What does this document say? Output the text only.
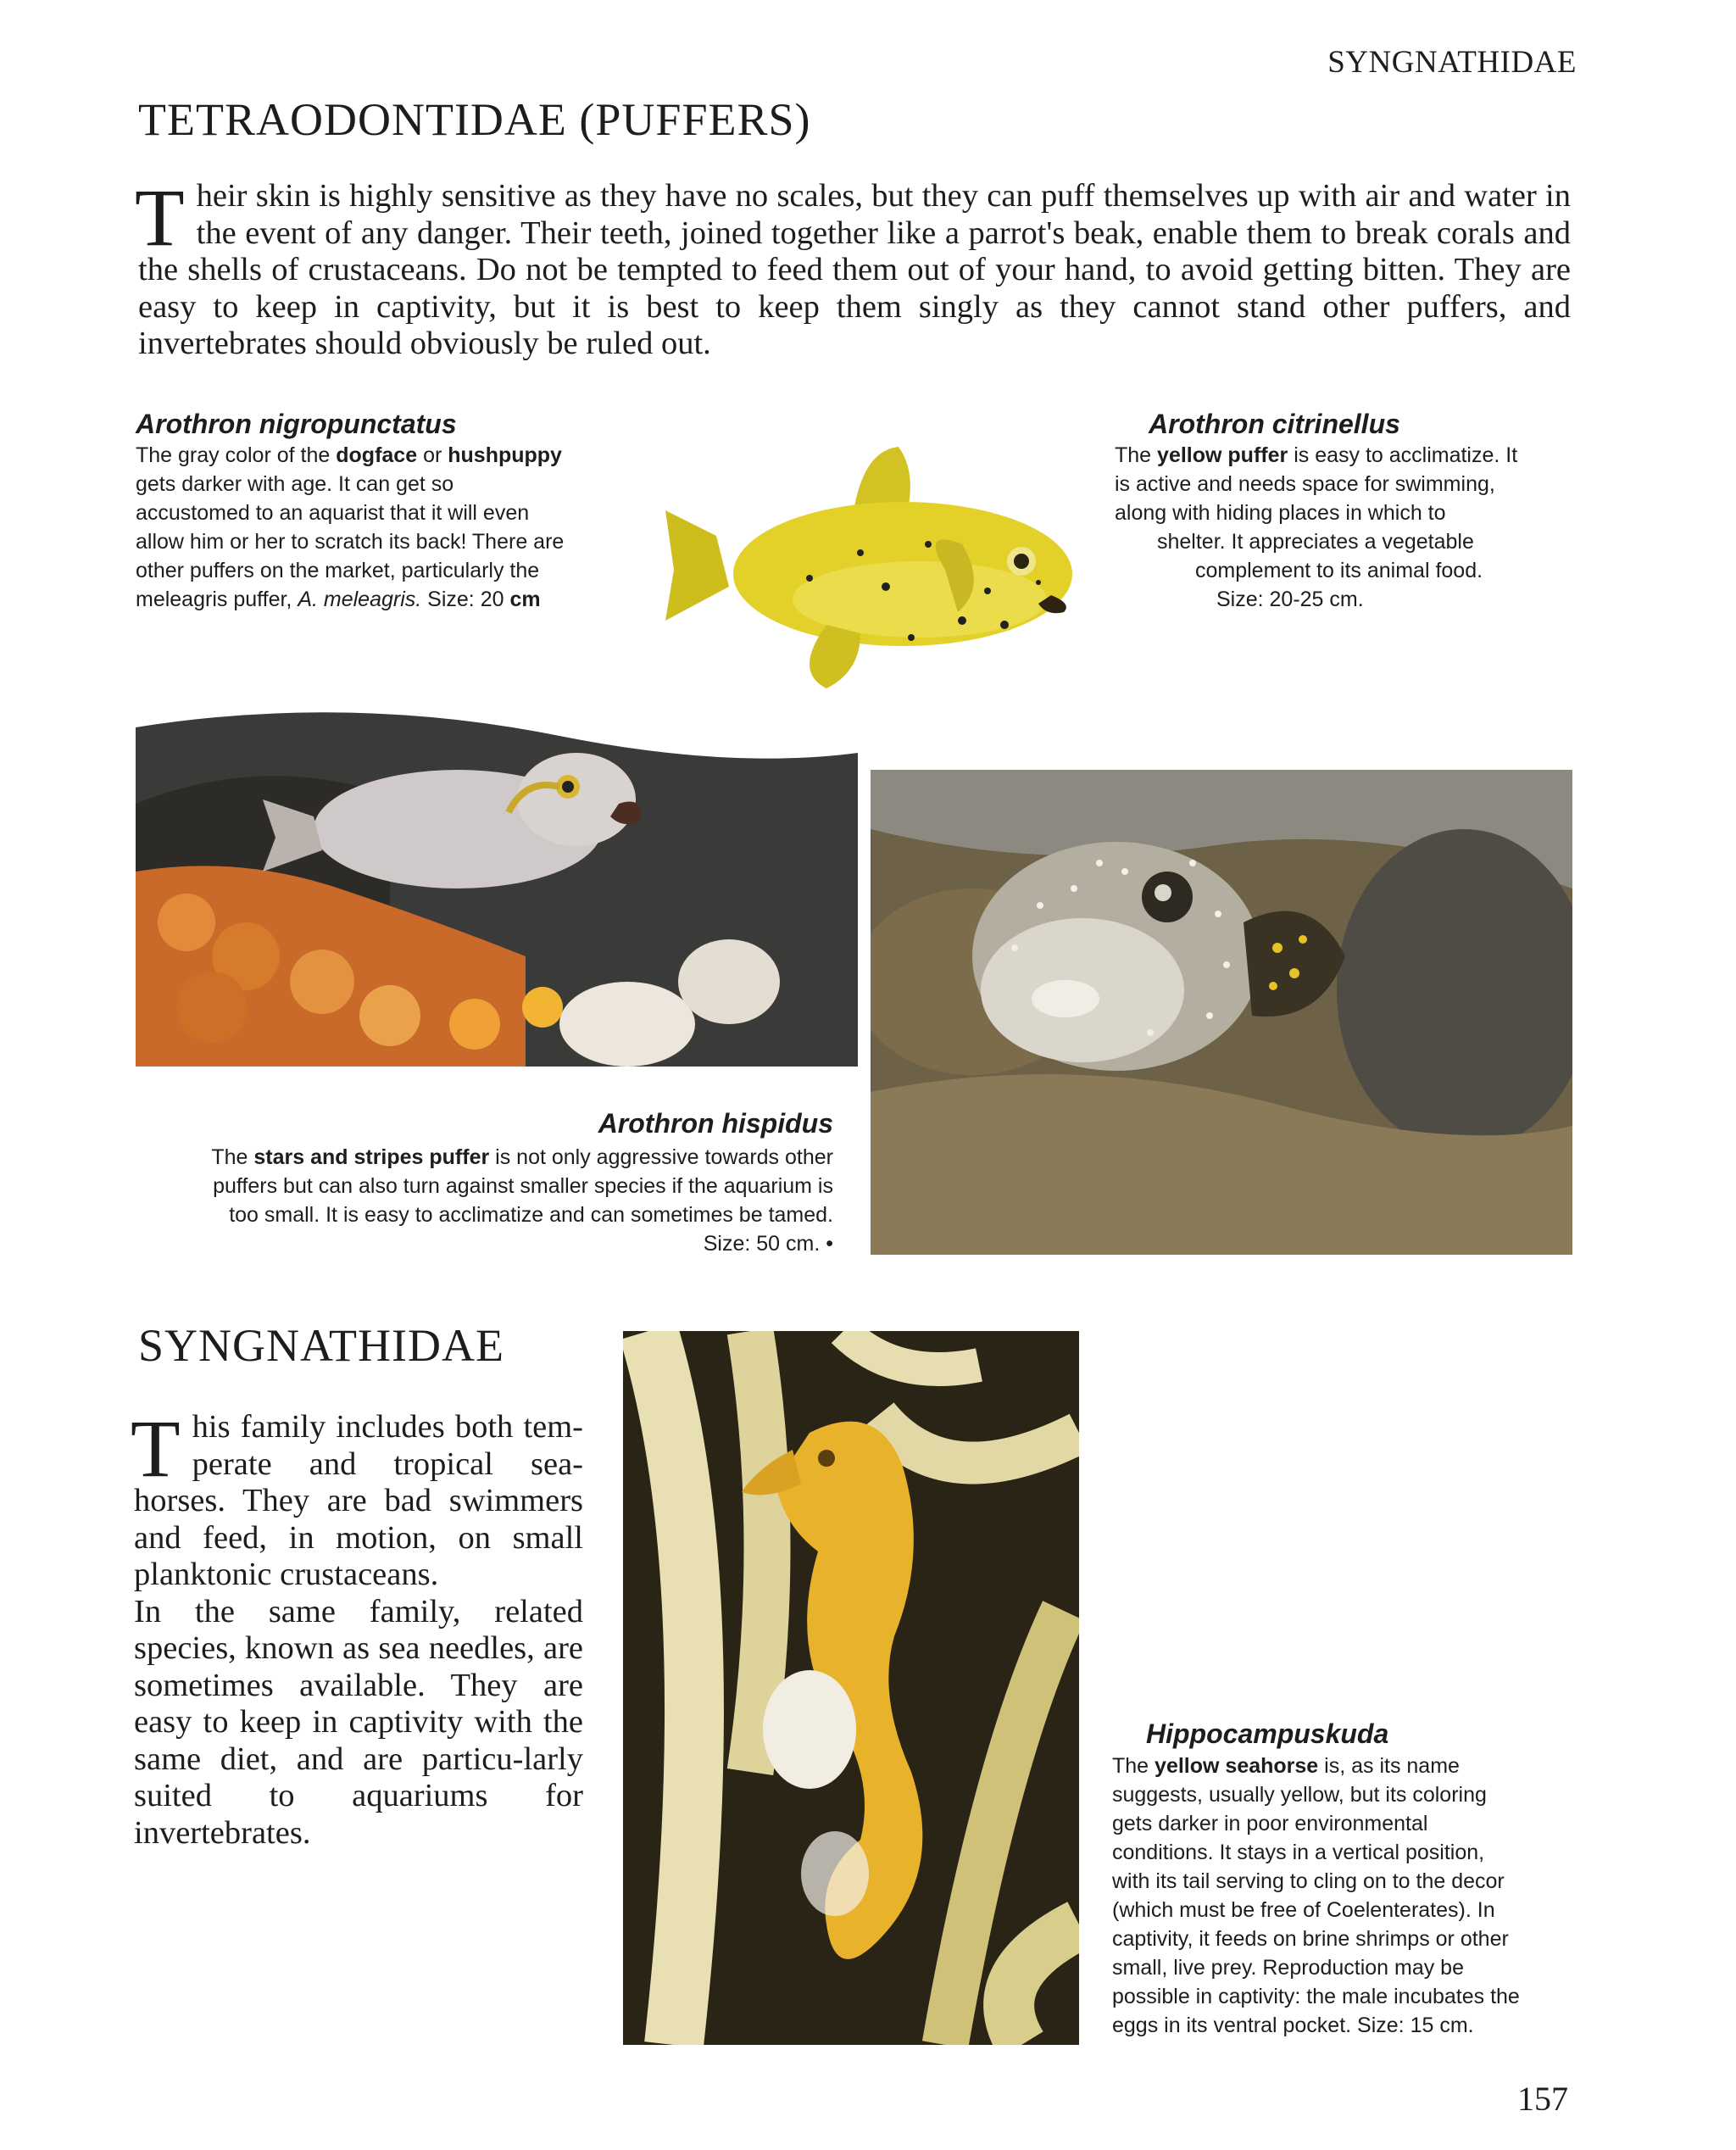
SYNGNATHIDAE
TETRAODONTIDAE (PUFFERS)

Their skin is highly sensitive as they have no scales, but they can puff themselves up with air and water in the event of any danger. Their teeth, joined together like a parrot's beak, enable them to break corals and the shells of crustaceans. Do not be tempted to feed them out of your hand, to avoid getting bitten. They are easy to keep in captivity, but it is best to keep them singly as they cannot stand other puffers, and invertebrates should obviously be ruled out.

Arothron nigropunctatus
The gray color of the dogface or hushpuppy
gets darker with age. It can get so
accustomed to an aquarist that it will even
allow him or her to scratch its back! There are
other puffers on the market, particularly the
meleagris puffer, A. meleagris. Size: 20 cm
Arothron citrinellus
The yellow puffer is easy to acclimatize. It
is active and needs space for swimming,
along with hiding places in which to
shelter. It appreciates a vegetable
complement to its animal food.
Size: 20-25 cm.
Arothron hispidus
The stars and stripes puffer is not only aggressive towards other
puffers but can also turn against smaller species if the aquarium is
too small. It is easy to acclimatize and can sometimes be tamed.
Size: 50 cm. •
SYNGNATHIDAE

This family includes both tem-perate and tropical sea-horses. They are bad swimmers and feed, in motion, on small planktonic crustaceans.

In the same family, related species, known as sea needles, are sometimes available. They are easy to keep in captivity with the same diet, and are particu-larly suited to aquariums for invertebrates.

Hippocampuskuda
The yellow seahorse is, as its name
suggests, usually yellow, but its coloring
gets darker in poor environmental
conditions. It stays in a vertical position,
with its tail serving to cling on to the decor
(which must be free of Coelenterates). In
captivity, it feeds on brine shrimps or other
small, live prey. Reproduction may be
possible in captivity: the male incubates the
eggs in its ventral pocket. Size: 15 cm.
157
